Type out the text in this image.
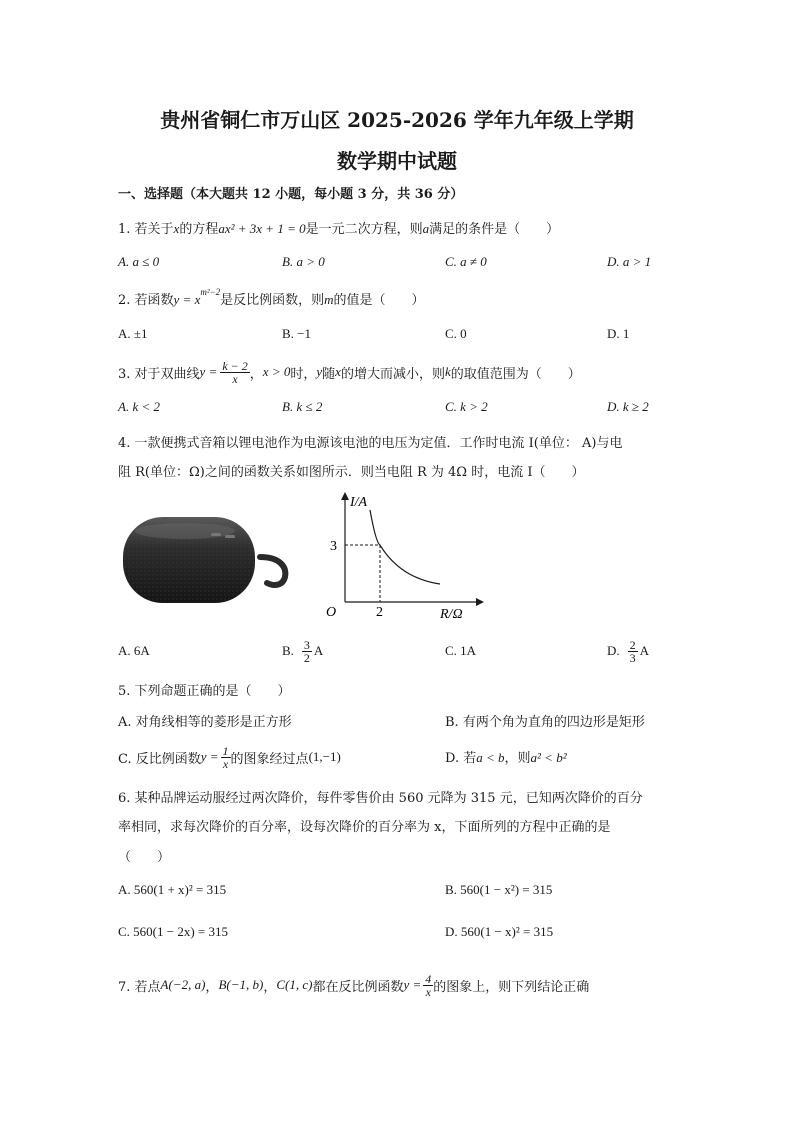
贵州省铜仁市万山区 2025-2026 学年九年级上学期
数学期中试题
一、选择题（本大题共 12 小题，每小题 3 分，共 36 分）
1. 若关于x的方程ax² + 3x + 1 = 0是一元二次方程，则a满足的条件是（　　）
A. a ≤ 0	B. a > 0	C. a ≠ 0	D. a > 1
2. 若函数$y = x^{m^2-2}$是反比例函数，则m的值是（　　）
A. ±1	B. −1	C. 0	D. 1
3. 对于双曲线 $y = \frac{k - 2}{x}$ ， x > 0 时， y 随 x 的增大而减小，则 k 的取值范围为（　　）
A. k < 2	B. k ≤ 2	C. k > 2	D. k ≥ 2
4. 一款便携式音箱以锂电池作为电源该电池的电压为定值．工作时电流 I(单位： A)与电
阻 R(单位：Ω)之间的函数关系如图所示．则当电阻 R 为 4Ω 时，电流 I（　　）
I/A
R/Ω
O
3
2
A. 6A	B. $\frac{3}{2}$ A	C. 1A	D. $\frac{2}{3}$ A
5. 下列命题正确的是（　　）
A. 对角线相等的菱形是正方形	B. 有两个角为直角的四边形是矩形
C. 反比例函数 $y = \frac{1}{x}$ 的图象经过点 (1,−1)	D. 若a < b，则a² < b²
6. 某种品牌运动服经过两次降价，每件零售价由 560 元降为 315 元，已知两次降价的百分
率相同，求每次降价的百分率，设每次降价的百分率为 x，下面所列的方程中正确的是
（　　）
A. 560(1 + x)² = 315	B. 560(1 − x²) = 315
C. 560(1 − 2x) = 315	D. 560(1 − x)² = 315
7. 若点 A(−2, a) ， B(−1, b) ， C(1, c) 都在反比例函数 $y = \frac{4}{x}$ 的图象上，则下列结论正确
